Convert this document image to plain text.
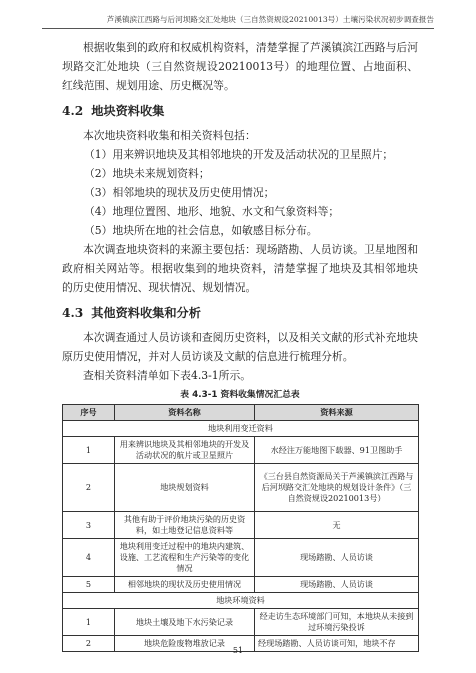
芦溪镇滨江西路与后河坝路交汇处地块（三自然资规设20210013号）土壤污染状况初步调查报告

根据收集到的政府和权威机构资料，清楚掌握了芦溪镇滨江西路与后河坝路交汇处地块（三自然资规设20210013号）的地理位置、占地面积、红线范围、规划用途、历史概况等。

4.2 地块资料收集

本次地块资料收集和相关资料包括：

（1）用来辨识地块及其相邻地块的开发及活动状况的卫星照片；

（2）地块未来规划资料；

（3）相邻地块的现状及历史使用情况；

（4）地理位置图、地形、地貌、水文和气象资料等；

（5）地块所在地的社会信息，如敏感目标分布。

本次调查地块资料的来源主要包括：现场踏勘、人员访谈。卫星地图和政府相关网站等。根据收集到的地块资料，清楚掌握了地块及其相邻地块的历史使用情况、现状情况、规划情况。

4.3 其他资料收集和分析

本次调查通过人员访谈和查阅历史资料，以及相关文献的形式补充地块原历史使用情况，并对人员访谈及文献的信息进行梳理分析。

查相关资料清单如下表4.3-1所示。

表 4.3-1 资料收集情况汇总表
序号	资料名称	资料来源
地块利用变迁资料		
1	用来辨识地块及其相邻地块的开发及活动状况的航片或卫星照片	水经注万能地图下载器、91卫图助手
2	地块规划资料	《三台县自然资源局关于芦溪镇滨江西路与后河坝路交汇处地块的规划设计条件》（三自然资规设20210013号）
3	其他有助于评价地块污染的历史资料，如土地登记信息资料等	无
4	地块利用变迁过程中的地块内建筑、设施、工艺流程和生产污染等的变化情况	现场踏勘、人员访谈
5	相邻地块的现状及历史使用情况	现场踏勘、人员访谈
地块环境资料		
1	地块土壤及地下水污染记录	经走访生态环境部门可知，本地块从未接到过环境污染投诉
2	地块危险废物堆放记录	经现场踏勘、人员访谈可知，地块不存
51
